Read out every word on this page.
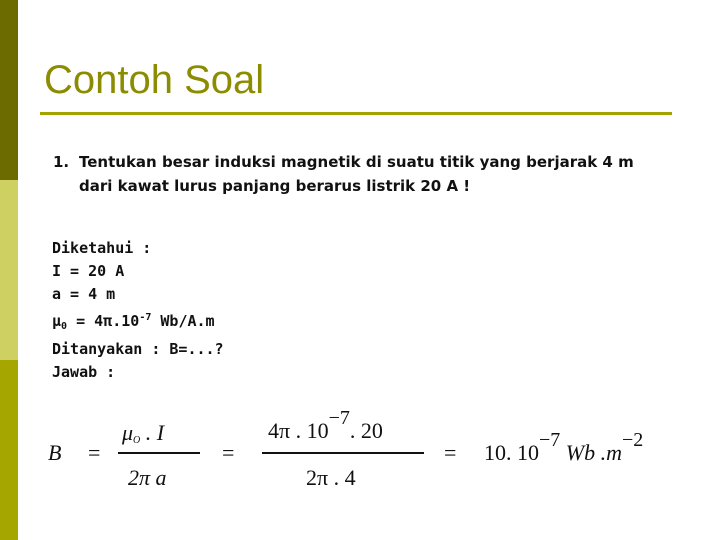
Contoh Soal
1. Tentukan besar induksi magnetik di suatu titik yang berjarak 4 m
dari kawat lurus panjang berarus listrik 20 A !
Diketahui :
I = 20 A
a = 4 m
$\mu_0 = 4\pi.10^{-7}$ Wb/A.m
Ditanyakan : B=...?
Jawab :
B =
$\mu_O$ . I
2π a
=
4π . 10−7. 20
2π . 4
= 10. 10−7 Wb .m−2
